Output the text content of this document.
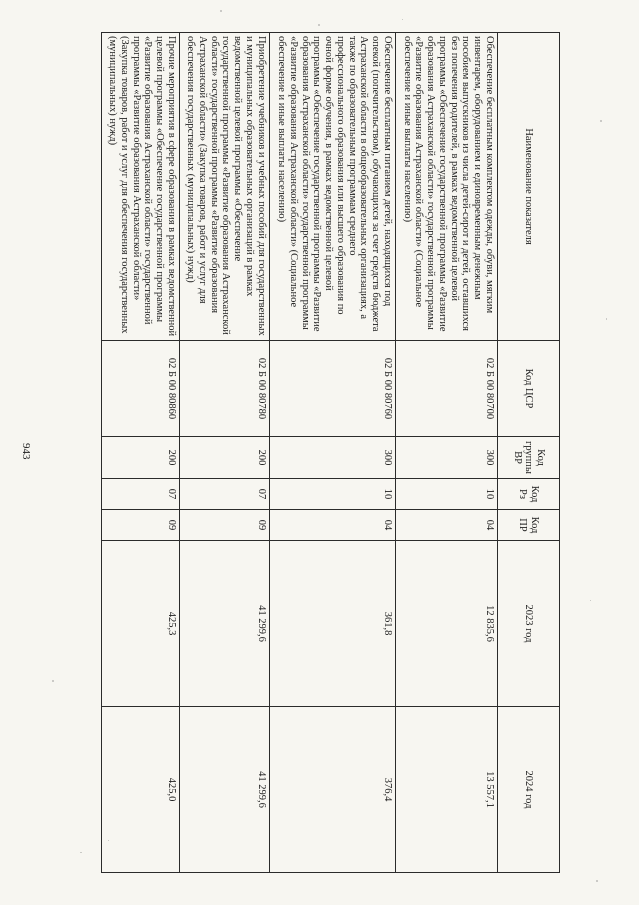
943
Наименование показателя	Код ЦСР	Код группы ВР	Код Рз	Код ПР	2023 год	2024 год
Обеспечение бесплатным комплектом одежды, обуви, мягким инвентарем, оборудованием и единовременным денежным пособием выпускников из числа детей-сирот и детей, оставшихся без попечения родителей, в рамках ведомственной целевой программы «Обеспечение государственной программы «Развитие образования Астраханской области» государственной программы «Развитие образования Астраханской области» (Социальное обеспечение и иные выплаты населению)	02 Б 00 80700	300	10	04	12 835,6	13 557,1
Обеспечение бесплатным питанием детей, находящихся под опекой (попечительством), обучающихся за счет средств бюджета Астраханской области в общеобразовательных организациях, а также по образовательным программам среднего профессионального образования или высшего образования по очной форме обучения, в рамках ведомственной целевой программы «Обеспечение государственной программы «Развитие образования Астраханской области» государственной программы «Развитие образования Астраханской области» (Социальное обеспечение и иные выплаты населению)	02 Б 00 80760	300	10	04	361,8	376,4
Приобретение учебников и учебных пособий для государственных и муниципальных образовательных организаций в рамках ведомственной целевой программы «Обеспечение государственной программы «Развитие образования Астраханской области» государственной программы «Развитие образования Астраханской области» (Закупка товаров, работ и услуг для обеспечения государственных (муниципальных) нужд)	02 Б 00 80780	200	07	09	41 299,6	41 299,6
Прочие мероприятия в сфере образования в рамках ведомственной целевой программы «Обеспечение государственной программы «Развитие образования Астраханской области» государственной программы «Развитие образования Астраханской области» (Закупка товаров, работ и услуг для обеспечения государственных (муниципальных) нужд)	02 Б 00 80860	200	07	09	425,3	425,0
